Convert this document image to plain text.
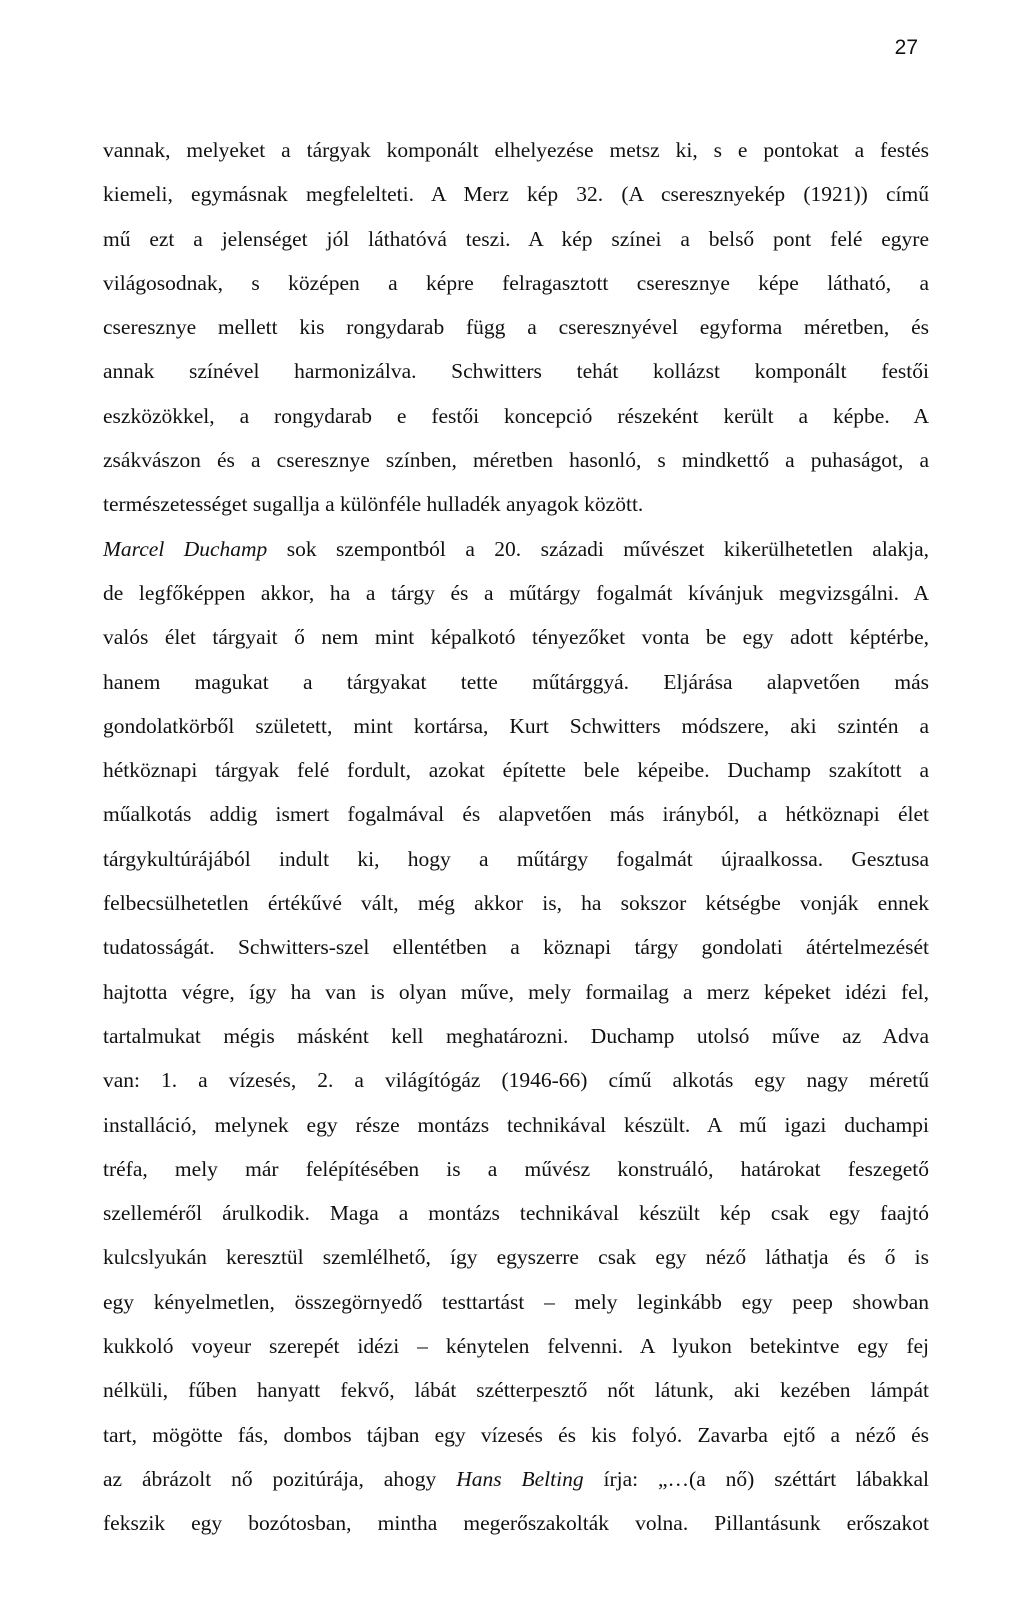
27
vannak, melyeket a tárgyak komponált elhelyezése metsz ki, s e pontokat a festés
kiemeli, egymásnak megfelelteti. A Merz kép 32. (A cseresznyekép (1921)) című
mű ezt a jelenséget jól láthatóvá teszi. A kép színei a belső pont felé egyre
világosodnak, s középen a képre felragasztott cseresznye képe látható, a
cseresznye mellett kis rongydarab függ a cseresznyével egyforma méretben, és
annak színével harmonizálva. Schwitters tehát kollázst komponált festői
eszközökkel, a rongydarab e festői koncepció részeként került a képbe. A
zsákvászon és a cseresznye színben, méretben hasonló, s mindkettő a puhaságot, a
természetességet sugallja a különféle hulladék anyagok között.
Marcel Duchamp sok szempontból a 20. századi művészet kikerülhetetlen alakja,
de legfőképpen akkor, ha a tárgy és a műtárgy fogalmát kívánjuk megvizsgálni. A
valós élet tárgyait ő nem mint képalkotó tényezőket vonta be egy adott képtérbe,
hanem magukat a tárgyakat tette műtárggyá. Eljárása alapvetően más
gondolatkörből született, mint kortársa, Kurt Schwitters módszere, aki szintén a
hétköznapi tárgyak felé fordult, azokat építette bele képeibe. Duchamp szakított a
műalkotás addig ismert fogalmával és alapvetően más irányból, a hétköznapi élet
tárgykultúrájából indult ki, hogy a műtárgy fogalmát újraalkossa. Gesztusa
felbecsülhetetlen értékűvé vált, még akkor is, ha sokszor kétségbe vonják ennek
tudatosságát. Schwitters-szel ellentétben a köznapi tárgy gondolati átértelmezését
hajtotta végre, így ha van is olyan műve, mely formailag a merz képeket idézi fel,
tartalmukat mégis másként kell meghatározni. Duchamp utolsó műve az Adva
van: 1. a vízesés, 2. a világítógáz (1946-66) című alkotás egy nagy méretű
installáció, melynek egy része montázs technikával készült. A mű igazi duchampi
tréfa, mely már felépítésében is a művész konstruáló, határokat feszegető
szelleméről árulkodik. Maga a montázs technikával készült kép csak egy faajtó
kulcslyukán keresztül szemlélhető, így egyszerre csak egy néző láthatja és ő is
egy kényelmetlen, összegörnyedő testtartást – mely leginkább egy peep showban
kukkoló voyeur szerepét idézi – kénytelen felvenni. A lyukon betekintve egy fej
nélküli, fűben hanyatt fekvő, lábát szétterpesztő nőt látunk, aki kezében lámpát
tart, mögötte fás, dombos tájban egy vízesés és kis folyó. Zavarba ejtő a néző és
az ábrázolt nő pozitúrája, ahogy Hans Belting írja: „…(a nő) széttárt lábakkal
fekszik egy bozótosban, mintha megerőszakolták volna. Pillantásunk erőszakot
